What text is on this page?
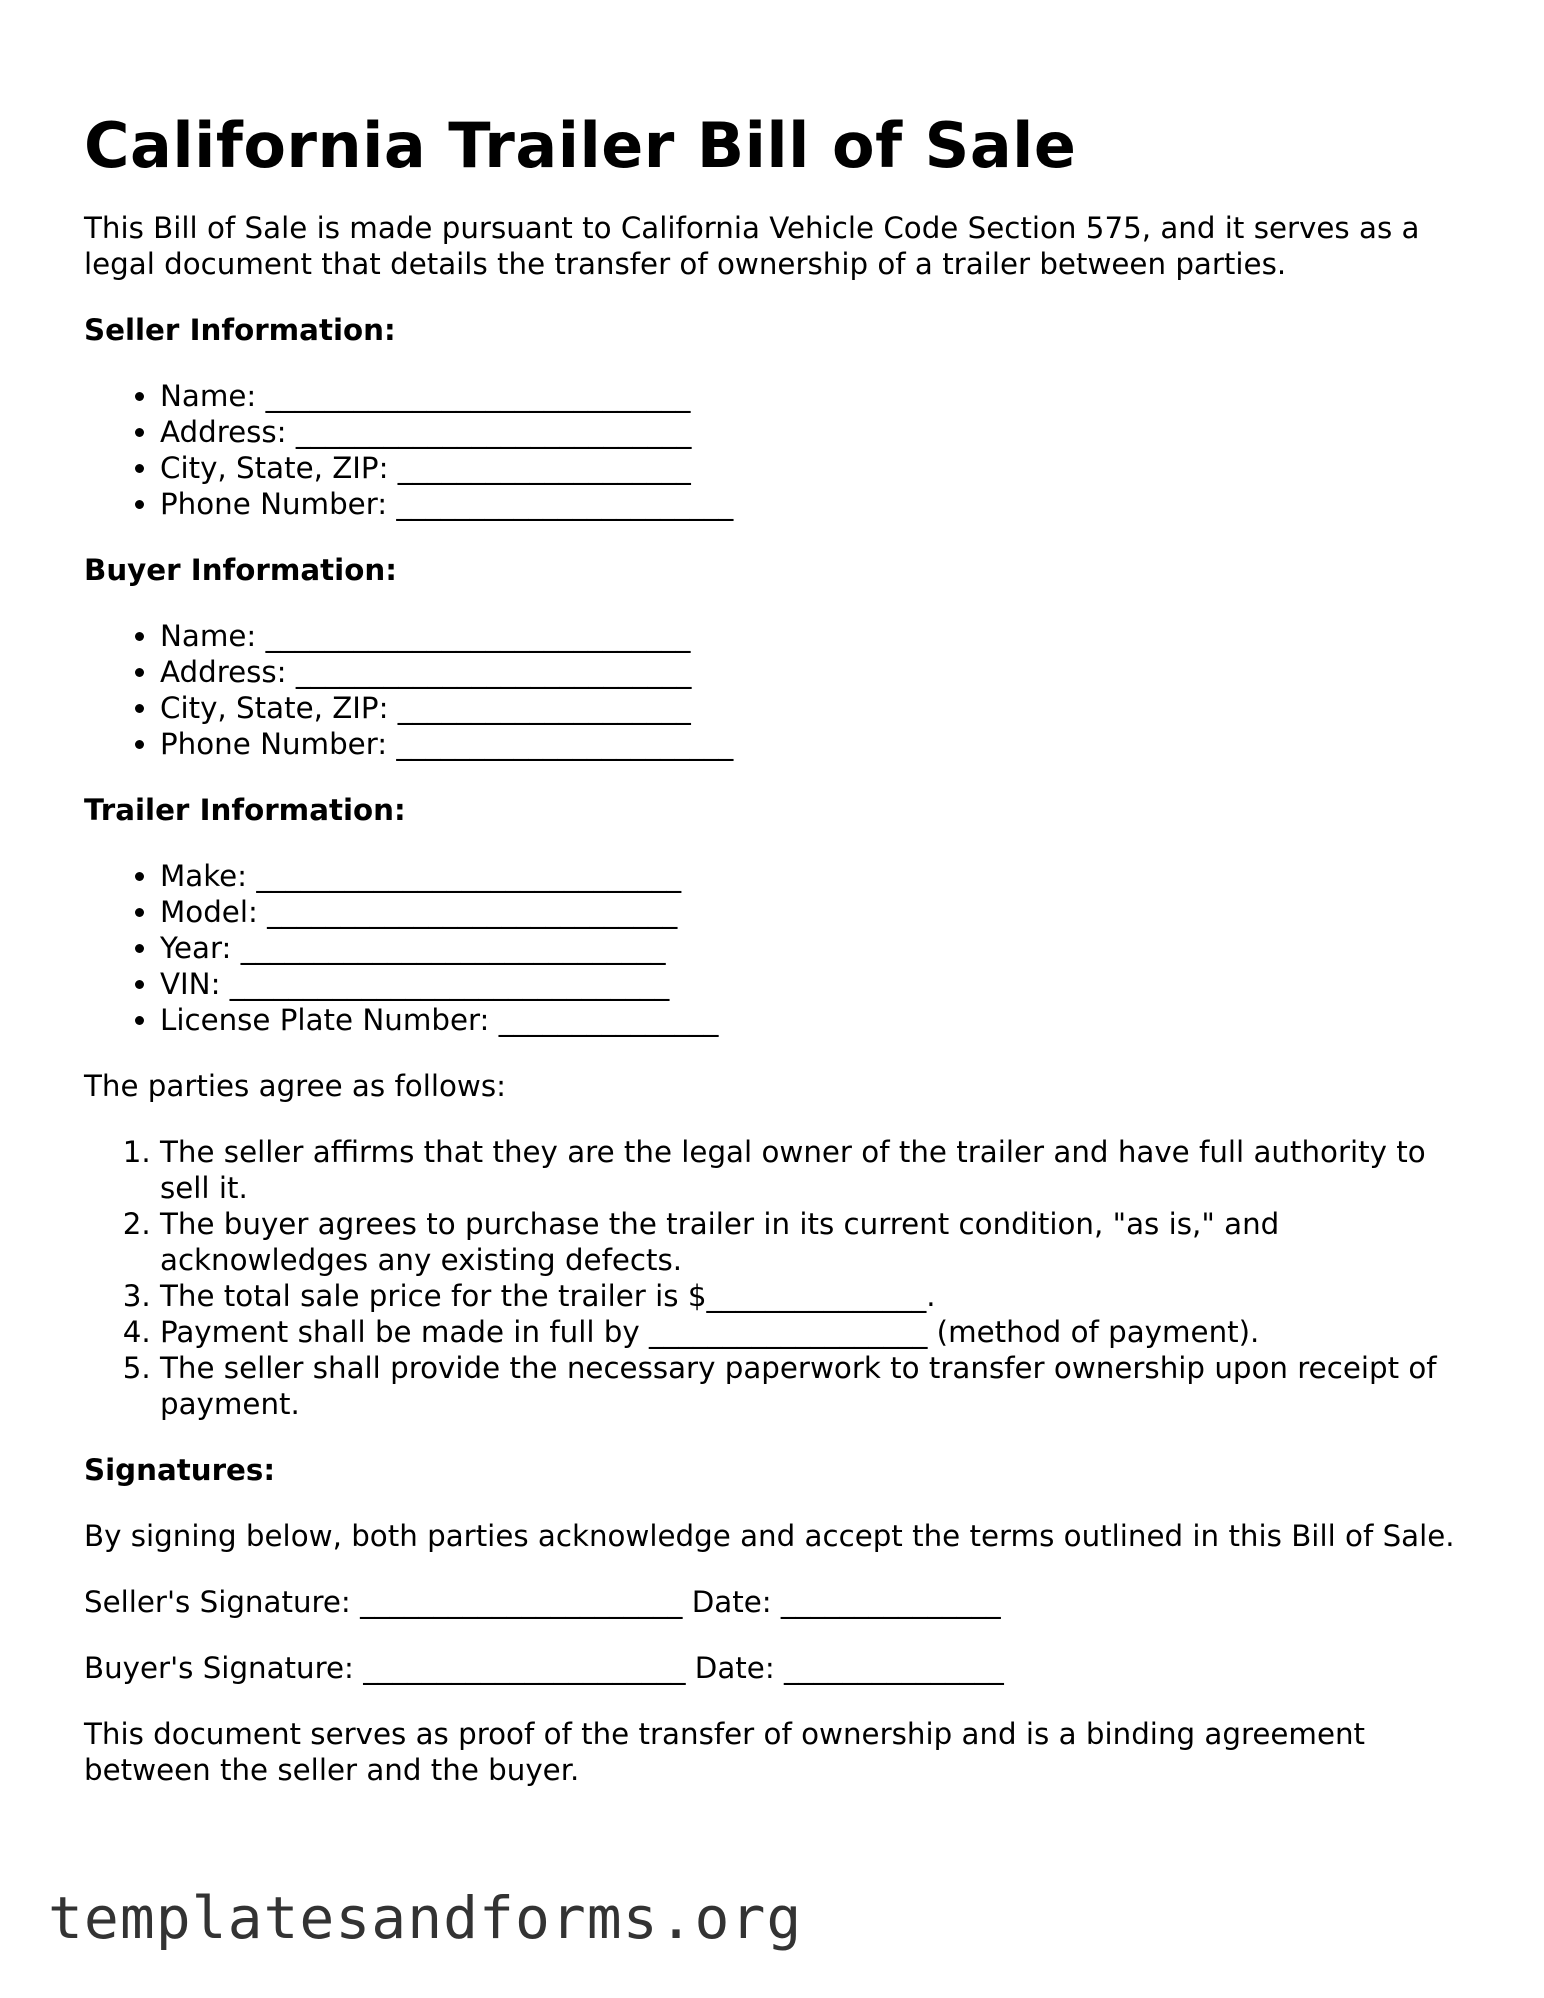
California Trailer Bill of Sale

This Bill of Sale is made pursuant to California Vehicle Code Section 575, and it serves as a legal document that details the transfer of ownership of a trailer between parties.

Seller Information:
• Name: _____________________________
• Address: ___________________________
• City, State, ZIP: ____________________
• Phone Number: _______________________
Buyer Information:
• Name: _____________________________
• Address: ___________________________
• City, State, ZIP: ____________________
• Phone Number: _______________________
Trailer Information:
• Make: _____________________________
• Model: ____________________________
• Year: _____________________________
• VIN: ______________________________
• License Plate Number: _______________

The parties agree as follows:

1. The seller affirms that they are the legal owner of the trailer and have full authority to sell it.
2. The buyer agrees to purchase the trailer in its current condition, "as is," and acknowledges any existing defects.
3. The total sale price for the trailer is $_______________.
4. Payment shall be made in full by ___________________ (method of payment).
5. The seller shall provide the necessary paperwork to transfer ownership upon receipt of payment.
Signatures:

By signing below, both parties acknowledge and accept the terms outlined in this Bill of Sale.

Seller's Signature: ______________________ Date: _______________
Buyer's Signature: ______________________ Date: _______________

This document serves as proof of the transfer of ownership and is a binding agreement between the seller and the buyer.

templatesandforms.org
